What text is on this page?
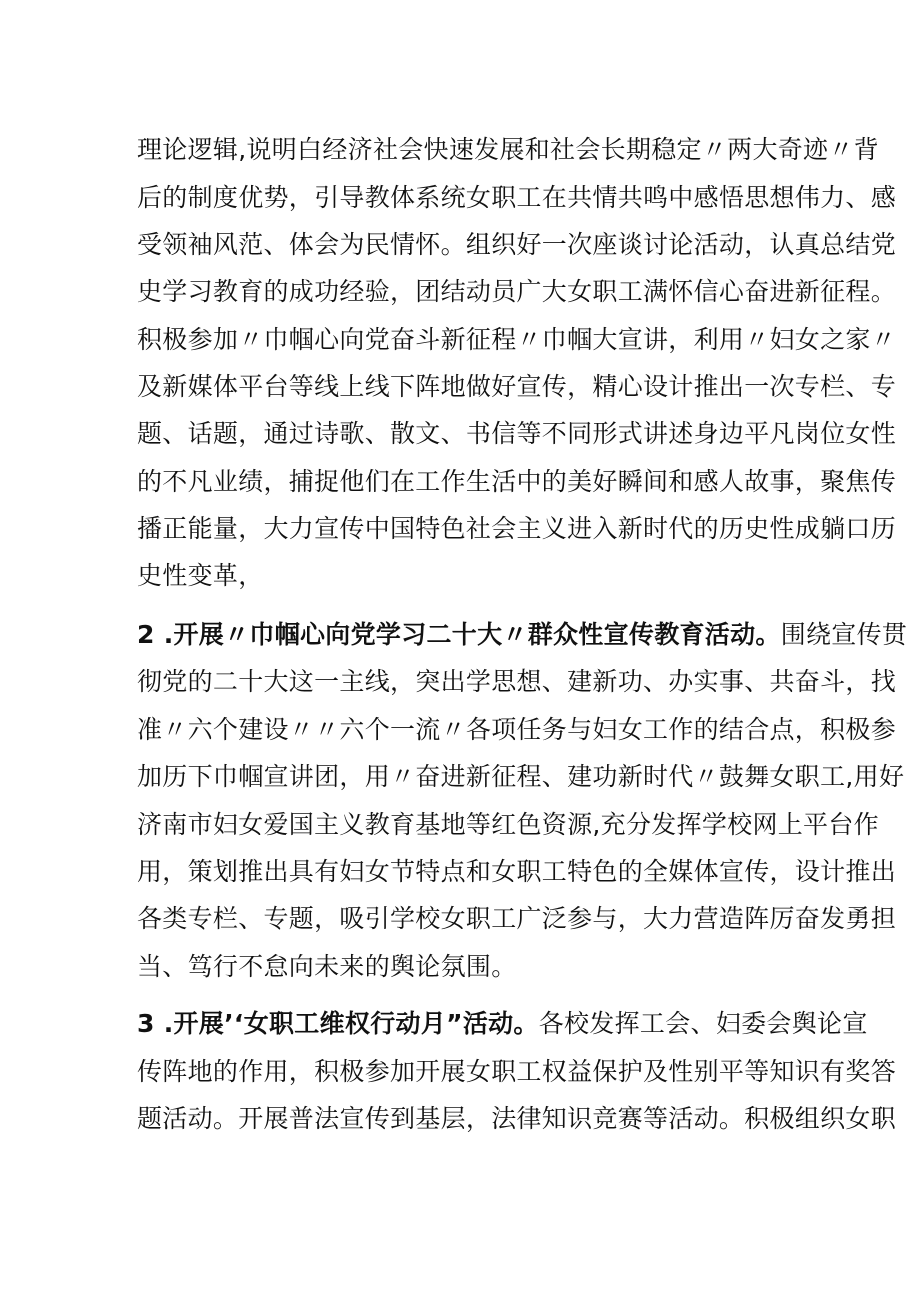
理论逻辑,说明白经济社会快速发展和社会长期稳定〃两大奇迹〃背
后的制度优势，引导教体系统女职工在共情共鸣中感悟思想伟力、感
受领袖风范、体会为民情怀。组织好一次座谈讨论活动，认真总结党
史学习教育的成功经验，团结动员广大女职工满怀信心奋进新征程。
积极参加〃巾帼心向党奋斗新征程〃巾帼大宣讲，利用〃妇女之家〃
及新媒体平台等线上线下阵地做好宣传，精心设计推出一次专栏、专
题、话题，通过诗歌、散文、书信等不同形式讲述身边平凡岗位女性
的不凡业绩，捕捉他们在工作生活中的美好瞬间和感人故事，聚焦传
播正能量，大力宣传中国特色社会主义进入新时代的历史性成躺口历
史性变革，
2 .开展〃巾帼心向党学习二十大〃群众性宣传教育活动。围绕宣传贯
彻党的二十大这一主线，突出学思想、建新功、办实事、共奋斗，找
准〃六个建设〃〃六个一流〃各项任务与妇女工作的结合点，积极参
加历下巾帼宣讲团，用〃奋进新征程、建功新时代〃鼓舞女职工,用好
济南市妇女爱国主义教育基地等红色资源,充分发挥学校网上平台作
用，策划推出具有妇女节特点和女职工特色的全媒体宣传，设计推出
各类专栏、专题，吸引学校女职工广泛参与，大力营造阵厉奋发勇担
当、笃行不怠向未来的舆论氛围。
3 .开展’‘女职工维权行动月”活动。各校发挥工会、妇委会舆论宣
传阵地的作用，积极参加开展女职工权益保护及性别平等知识有奖答
题活动。开展普法宣传到基层，法律知识竞赛等活动。积极组织女职
